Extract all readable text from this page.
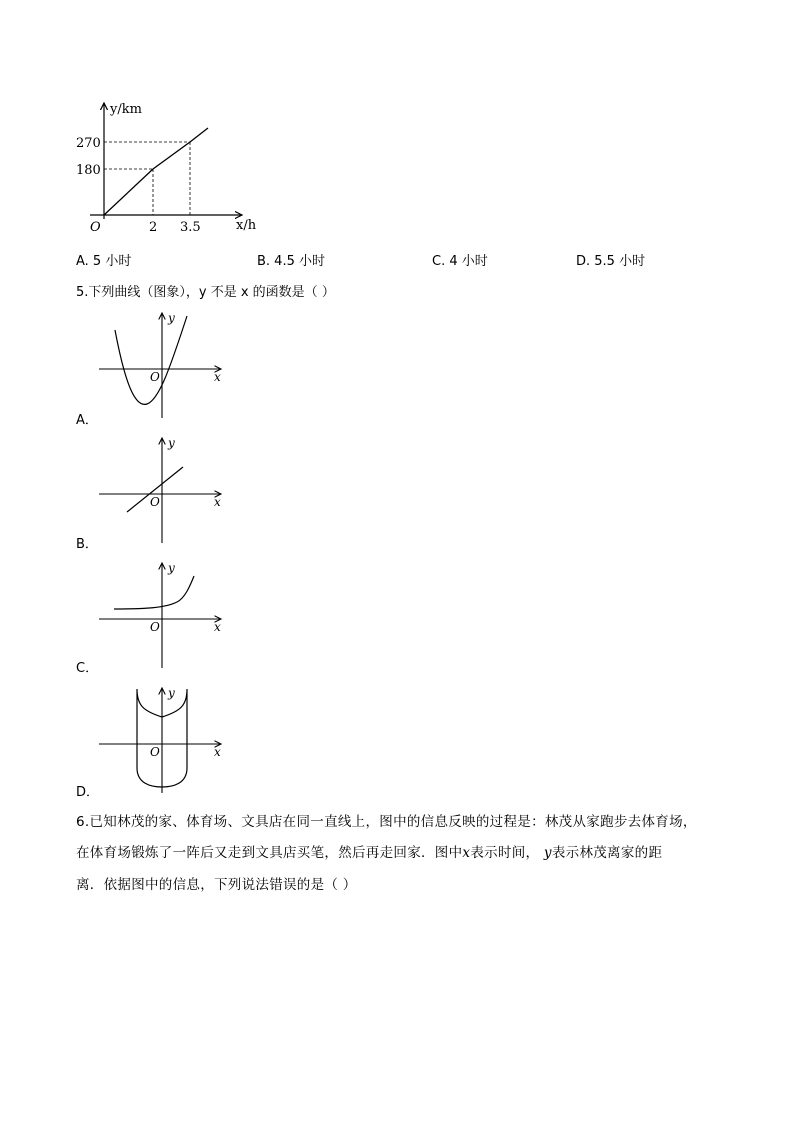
y/km
x/h
O
270
180
2 3.5
A. 5 小时	B. 4.5 小时	C. 4 小时	D. 5.5 小时
5.下列曲线（图象），y 不是 x 的函数是（ ）
y
x
O
A．
y
x
O
B．
y
x
O
C．
y
x
O
D．
6.已知林茂的家、体育场、文具店在同一直线上，图中的信息反映的过程是：林茂从家跑步去体育场，
在体育场锻炼了一阵后又走到文具店买笔，然后再走回家．图中x表示时间， y表示林茂离家的距
离．依据图中的信息，下列说法错误的是（ ）
